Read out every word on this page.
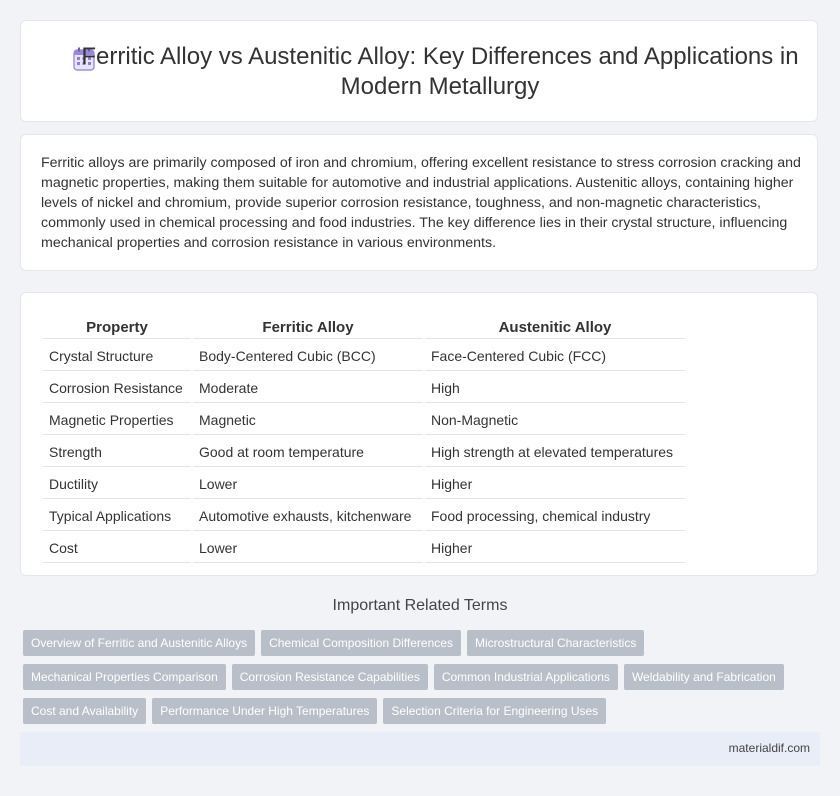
Ferritic Alloy vs Austenitic Alloy: Key Differences and Applications in Modern Metallurgy

Ferritic alloys are primarily composed of iron and chromium, offering excellent resistance to stress corrosion cracking and magnetic properties, making them suitable for automotive and industrial applications. Austenitic alloys, containing higher levels of nickel and chromium, provide superior corrosion resistance, toughness, and non-magnetic characteristics, commonly used in chemical processing and food industries. The key difference lies in their crystal structure, influencing mechanical properties and corrosion resistance in various environments.

Property	Ferritic Alloy	Austenitic Alloy
Crystal Structure	Body-Centered Cubic (BCC)	Face-Centered Cubic (FCC)
Corrosion Resistance	Moderate	High
Magnetic Properties	Magnetic	Non-Magnetic
Strength	Good at room temperature	High strength at elevated temperatures
Ductility	Lower	Higher
Typical Applications	Automotive exhausts, kitchenware	Food processing, chemical industry
Cost	Lower	Higher
Important Related Terms
Overview of Ferritic and Austenitic Alloys Chemical Composition Differences Microstructural Characteristics
Mechanical Properties Comparison Corrosion Resistance Capabilities Common Industrial Applications Weldability and Fabrication
Cost and Availability Performance Under High Temperatures Selection Criteria for Engineering Uses
materialdif.com
